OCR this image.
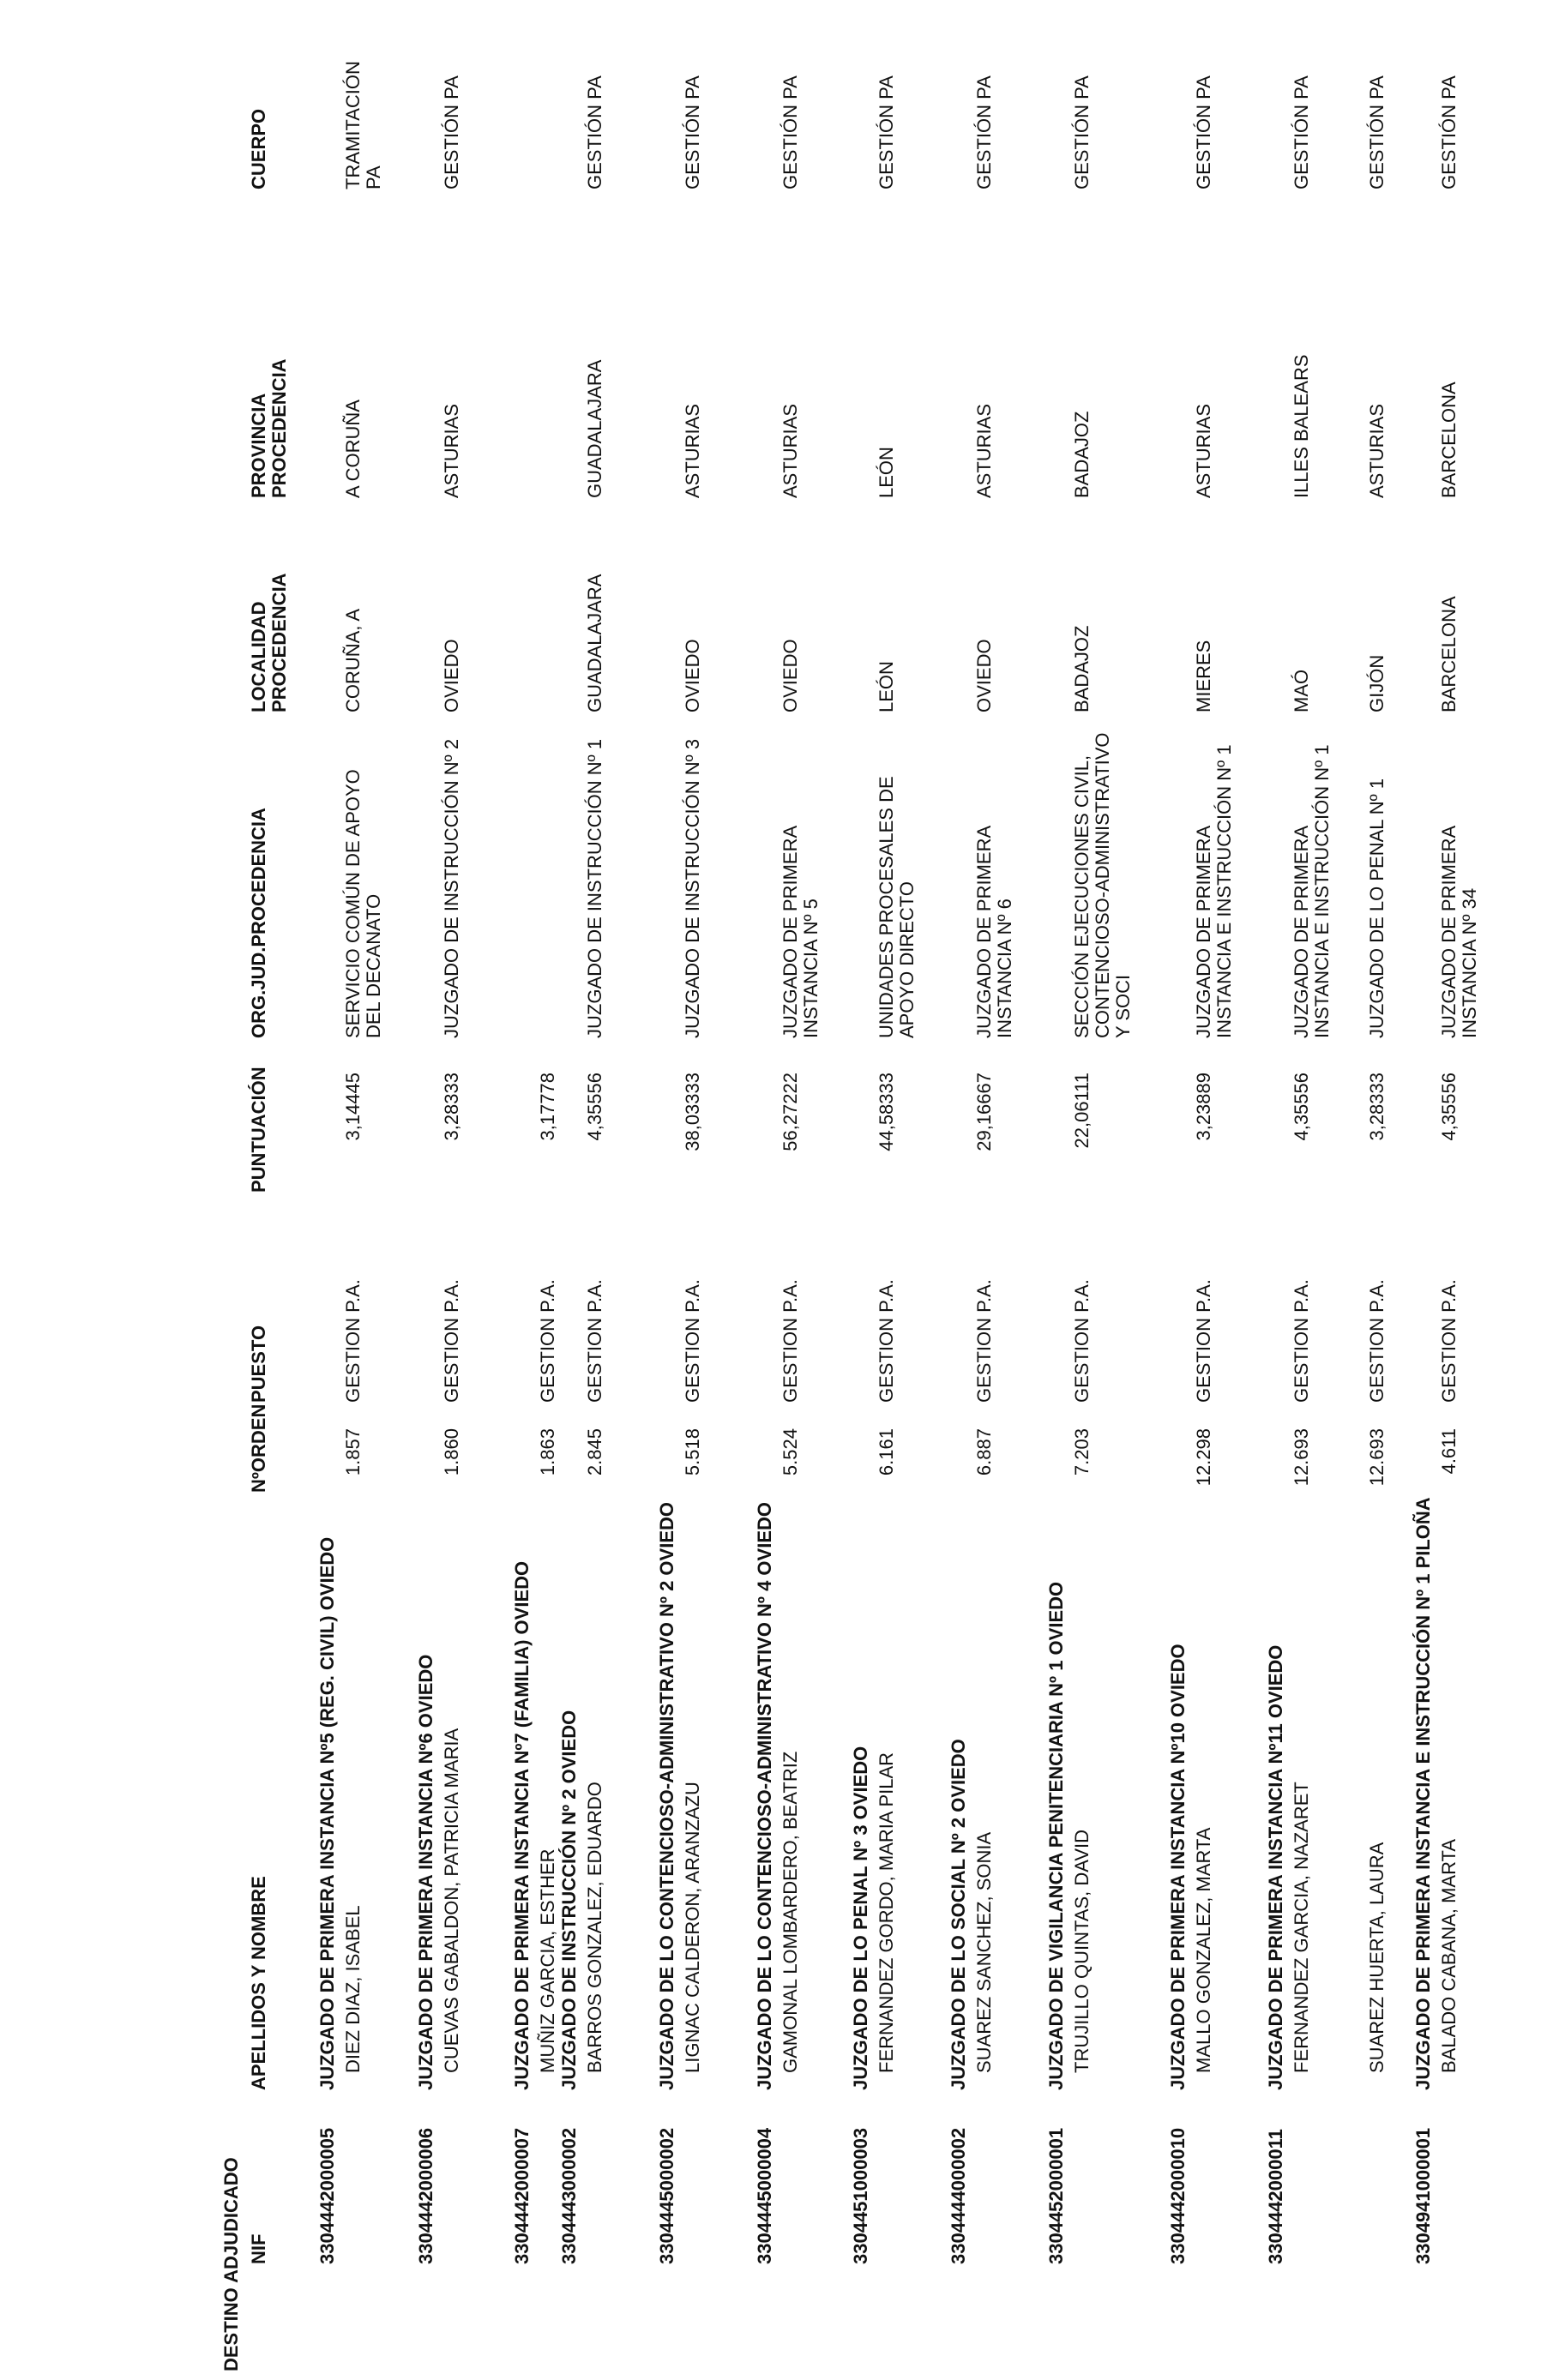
DESTINO ADJUDICADO NIF
APELLIDOS Y NOMBRE
NºORDEN
PUESTO
PUNTUACIÓN
ORG.JUD.PROCEDENCIA
LOCALIDAD PROCEDENCIA
PROVINCIA PROCEDENCIA
CUERPO
3304442000005
JUZGADO DE PRIMERA INSTANCIA Nº5 (REG. CIVIL) OVIEDO DIEZ DIAZ, ISABEL
1.857
GESTION P.A.
3,14445
SERVICIO COMÚN DE APOYO DEL DECANATO
CORUÑA, A
A CORUÑA
TRAMITACIÓN PA
3304442000006
JUZGADO DE PRIMERA INSTANCIA Nº6 OVIEDO CUEVAS GABALDON, PATRICIA MARIA
1.860
GESTION P.A.
3,28333
JUZGADO DE INSTRUCCIÓN Nº 2
OVIEDO
ASTURIAS
GESTIÓN PA
3304442000007
JUZGADO DE PRIMERA INSTANCIA Nº7 (FAMILIA) OVIEDO MUÑIZ GARCIA, ESTHER
1.863
GESTION P.A.
3,17778
3304443000002
JUZGADO DE INSTRUCCIÓN Nº 2 OVIEDO BARROS GONZALEZ, EDUARDO
2.845
GESTION P.A.
4,35556
JUZGADO DE INSTRUCCIÓN Nº 1
GUADALAJARA
GUADALAJARA
GESTIÓN PA
3304445000002
JUZGADO DE LO CONTENCIOSO-ADMINISTRATIVO Nº 2 OVIEDO LIGNAC CALDERON, ARANZAZU
5.518
GESTION P.A.
38,03333
JUZGADO DE INSTRUCCIÓN Nº 3
OVIEDO
ASTURIAS
GESTIÓN PA
3304445000004
JUZGADO DE LO CONTENCIOSO-ADMINISTRATIVO Nº 4 OVIEDO GAMONAL LOMBARDERO, BEATRIZ
5.524
GESTION P.A.
56,27222
JUZGADO DE PRIMERA INSTANCIA Nº 5
OVIEDO
ASTURIAS
GESTIÓN PA
3304451000003
JUZGADO DE LO PENAL Nº 3 OVIEDO FERNANDEZ GORDO, MARIA PILAR
6.161
GESTION P.A.
44,58333
UNIDADES PROCESALES DE APOYO DIRECTO
LEÓN
LEÓN
GESTIÓN PA
3304444000002
JUZGADO DE LO SOCIAL Nº 2 OVIEDO SUAREZ SANCHEZ, SONIA
6.887
GESTION P.A.
29,16667
JUZGADO DE PRIMERA INSTANCIA Nº 6
OVIEDO
ASTURIAS
GESTIÓN PA
3304452000001
JUZGADO DE VIGILANCIA PENITENCIARIA Nº 1 OVIEDO TRUJILLO QUINTAS, DAVID
7.203
GESTION P.A.
22,06111
SECCIÓN EJECUCIONES CIVIL, CONTENCIOSO-ADMINISTRATIVO Y SOCI
BADAJOZ
BADAJOZ
GESTIÓN PA
3304442000010
JUZGADO DE PRIMERA INSTANCIA Nº10 OVIEDO MALLO GONZALEZ, MARTA
12.298
GESTION P.A.
3,23889
JUZGADO DE PRIMERA INSTANCIA E INSTRUCCIÓN Nº 1
MIERES
ASTURIAS
GESTIÓN PA
3304442000011
JUZGADO DE PRIMERA INSTANCIA Nº11 OVIEDO FERNANDEZ GARCIA, NAZARET
12.693
GESTION P.A.
4,35556
JUZGADO DE PRIMERA INSTANCIA E INSTRUCCIÓN Nº 1
MAÓ
ILLES BALEARS
GESTIÓN PA
SUAREZ HUERTA, LAURA
12.693
GESTION P.A.
3,28333
JUZGADO DE LO PENAL Nº 1
GIJÓN
ASTURIAS
GESTIÓN PA
3304941000001
JUZGADO DE PRIMERA INSTANCIA E INSTRUCCIÓN Nº 1 PILOÑA BALADO CABANA, MARTA
4.611
GESTION P.A.
4,35556
JUZGADO DE PRIMERA INSTANCIA Nº 34
BARCELONA
BARCELONA
GESTIÓN PA
